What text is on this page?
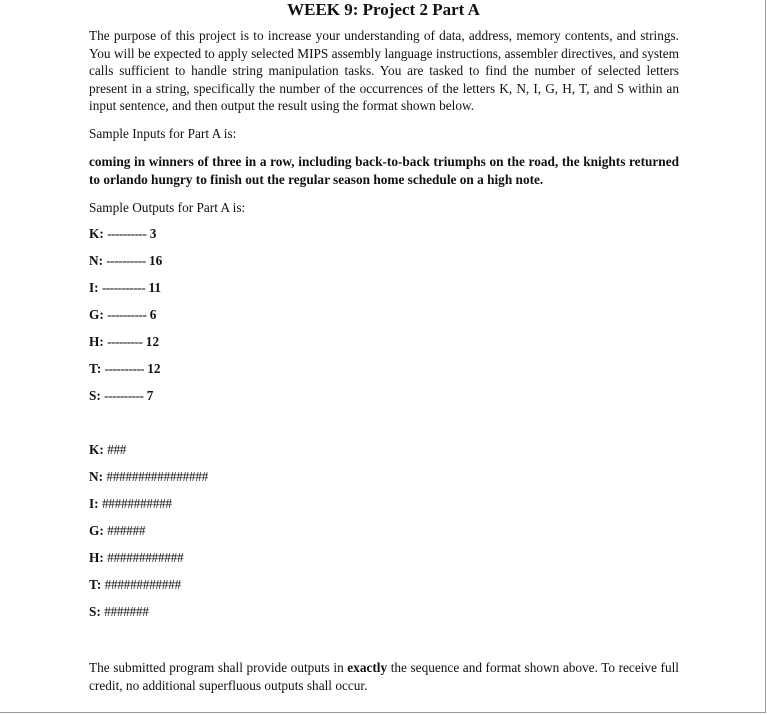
WEEK 9: Project 2 Part A
The purpose of this project is to increase your understanding of data, address, memory contents, and strings. You will be expected to apply selected MIPS assembly language instructions, assembler directives, and system calls sufficient to handle string manipulation tasks. You are tasked to find the number of selected letters present in a string, specifically the number of the occurrences of the letters K, N, I, G, H, T, and S within an input sentence, and then output the result using the format shown below.
Sample Inputs for Part A is:
coming in winners of three in a row, including back-to-back triumphs on the road, the knights returned to orlando hungry to finish out the regular season home schedule on a high note.
Sample Outputs for Part A is:
K: ---------- 3
N: ---------- 16
I: ----------- 11
G: ---------- 6
H: --------- 12
T: ---------- 12
S: ---------- 7
K: ###
N: ################
I: ###########
G: ######
H: ############
T: ############
S: #######
The submitted program shall provide outputs in exactly the sequence and format shown above. To receive full credit, no additional superfluous outputs shall occur.
